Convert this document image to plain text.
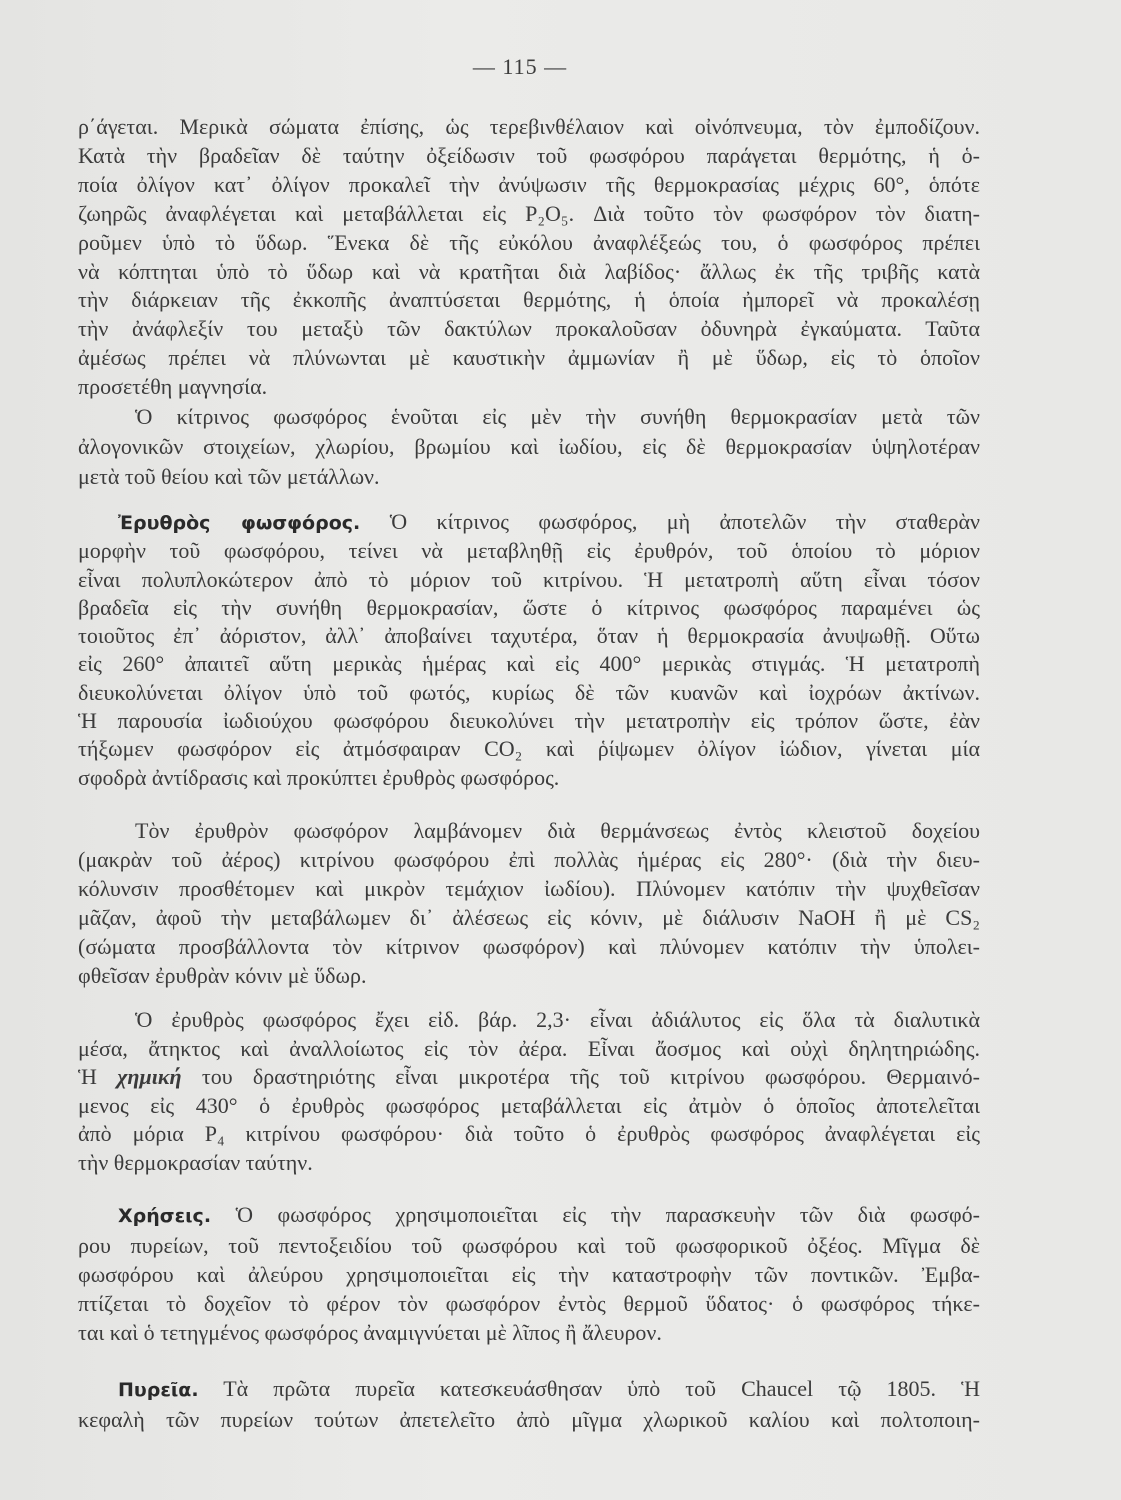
— 115 —
ρ΄άγεται. Μερικὰ σώματα ἐπίσης, ὡς τερεβινθέλαιον καὶ οἰνόπνευμα, τὸν ἐμποδίζουν.
Κατὰ τὴν βραδεῖαν δὲ ταύτην ὀξείδωσιν τοῦ φωσφόρου παράγεται θερμότης, ἡ ὁ-
ποία ὀλίγον κατ᾽ ὀλίγον προκαλεῖ τὴν ἀνύψωσιν τῆς θερμοκρασίας μέχρις 60°, ὁπότε
ζωηρῶς ἀναφλέγεται καὶ μεταβάλλεται εἰς P₂O₅. Διὰ τοῦτο τὸν φωσφόρον τὸν διατη-
ροῦμεν ὑπὸ τὸ ὕδωρ. Ἕνεκα δὲ τῆς εὐκόλου ἀναφλέξεώς του, ὁ φωσφόρος πρέπει
νὰ κόπτηται ὑπὸ τὸ ὕδωρ καὶ νὰ κρατῆται διὰ λαβίδος· ἄλλως ἐκ τῆς τριβῆς κατὰ
τὴν διάρκειαν τῆς ἐκκοπῆς ἀναπτύσεται θερμότης, ἡ ὁποία ἠμπορεῖ νὰ προκαλέσῃ
τὴν ἀνάφλεξίν του μεταξὺ τῶν δακτύλων προκαλοῦσαν ὀδυνηρὰ ἐγκαύματα. Ταῦτα
ἀμέσως πρέπει νὰ πλύνωνται μὲ καυστικὴν ἀμμωνίαν ἢ μὲ ὕδωρ, εἰς τὸ ὁποῖον
προσετέθη μαγνησία.
Ὁ κίτρινος φωσφόρος ἑνοῦται εἰς μὲν τὴν συνήθη θερμοκρασίαν μετὰ τῶν
ἀλογονικῶν στοιχείων, χλωρίου, βρωμίου καὶ ἰωδίου, εἰς δὲ θερμοκρασίαν ὑψηλοτέραν
μετὰ τοῦ θείου καὶ τῶν μετάλλων.
Ἐρυθρὸς φωσφόρος. Ὁ κίτρινος φωσφόρος, μὴ ἀποτελῶν τὴν σταθερὰν
μορφὴν τοῦ φωσφόρου, τείνει νὰ μεταβληθῇ εἰς ἐρυθρόν, τοῦ ὁποίου τὸ μόριον
εἶναι πολυπλοκώτερον ἀπὸ τὸ μόριον τοῦ κιτρίνου. Ἡ μετατροπὴ αὕτη εἶναι τόσον
βραδεῖα εἰς τὴν συνήθη θερμοκρασίαν, ὥστε ὁ κίτρινος φωσφόρος παραμένει ὡς
τοιοῦτος ἐπ᾽ ἀόριστον, ἀλλ᾽ ἀποβαίνει ταχυτέρα, ὅταν ἡ θερμοκρασία ἀνυψωθῇ. Οὕτω
εἰς 260° ἀπαιτεῖ αὕτη μερικὰς ἡμέρας καὶ εἰς 400° μερικὰς στιγμάς. Ἡ μετατροπὴ
διευκολύνεται ὀλίγον ὑπὸ τοῦ φωτός, κυρίως δὲ τῶν κυανῶν καὶ ἰοχρόων ἀκτίνων.
Ἡ παρουσία ἰωδιούχου φωσφόρου διευκολύνει τὴν μετατροπὴν εἰς τρόπον ὥστε, ἐὰν
τήξωμεν φωσφόρον εἰς ἀτμόσφαιραν CO₂ καὶ ῥίψωμεν ὀλίγον ἰώδιον, γίνεται μία
σφοδρὰ ἀντίδρασις καὶ προκύπτει ἐρυθρὸς φωσφόρος.
Τὸν ἐρυθρὸν φωσφόρον λαμβάνομεν διὰ θερμάνσεως ἐντὸς κλειστοῦ δοχείου
(μακρὰν τοῦ ἀέρος) κιτρίνου φωσφόρου ἐπὶ πολλὰς ἡμέρας εἰς 280°· (διὰ τὴν διευ-
κόλυνσιν προσθέτομεν καὶ μικρὸν τεμάχιον ἰωδίου). Πλύνομεν κατόπιν τὴν ψυχθεῖσαν
μᾶζαν, ἀφοῦ τὴν μεταβάλωμεν δι᾽ ἀλέσεως εἰς κόνιν, μὲ διάλυσιν NaOH ἢ μὲ CS₂
(σώματα προσβάλλοντα τὸν κίτρινον φωσφόρον) καὶ πλύνομεν κατόπιν τὴν ὑπολει-
φθεῖσαν ἐρυθρὰν κόνιν μὲ ὕδωρ.
Ὁ ἐρυθρὸς φωσφόρος ἔχει εἰδ. βάρ. 2,3· εἶναι ἀδιάλυτος εἰς ὅλα τὰ διαλυτικὰ
μέσα, ἄτηκτος καὶ ἀναλλοίωτος εἰς τὸν ἀέρα. Εἶναι ἄοσμος καὶ οὐχὶ δηλητηριώδης.
Ἡ χημική του δραστηριότης εἶναι μικροτέρα τῆς τοῦ κιτρίνου φωσφόρου. Θερμαινό-
μενος εἰς 430° ὁ ἐρυθρὸς φωσφόρος μεταβάλλεται εἰς ἀτμὸν ὁ ὁποῖος ἀποτελεῖται
ἀπὸ μόρια P₄ κιτρίνου φωσφόρου· διὰ τοῦτο ὁ ἐρυθρὸς φωσφόρος ἀναφλέγεται εἰς
τὴν θερμοκρασίαν ταύτην.
Χρήσεις. Ὁ φωσφόρος χρησιμοποιεῖται εἰς τὴν παρασκευὴν τῶν διὰ φωσφό-
ρου πυρείων, τοῦ πεντοξειδίου τοῦ φωσφόρου καὶ τοῦ φωσφορικοῦ ὀξέος. Μῖγμα δὲ
φωσφόρου καὶ ἀλεύρου χρησιμοποιεῖται εἰς τὴν καταστροφὴν τῶν ποντικῶν. Ἐμβα-
πτίζεται τὸ δοχεῖον τὸ φέρον τὸν φωσφόρον ἐντὸς θερμοῦ ὕδατος· ὁ φωσφόρος τήκε-
ται καὶ ὁ τετηγμένος φωσφόρος ἀναμιγνύεται μὲ λῖπος ἢ ἄλευρον.
Πυρεῖα. Τὰ πρῶτα πυρεῖα κατεσκευάσθησαν ὑπὸ τοῦ Chaucel τῷ 1805. Ἡ
κεφαλὴ τῶν πυρείων τούτων ἀπετελεῖτο ἀπὸ μῖγμα χλωρικοῦ καλίου καὶ πολτοποιη-
